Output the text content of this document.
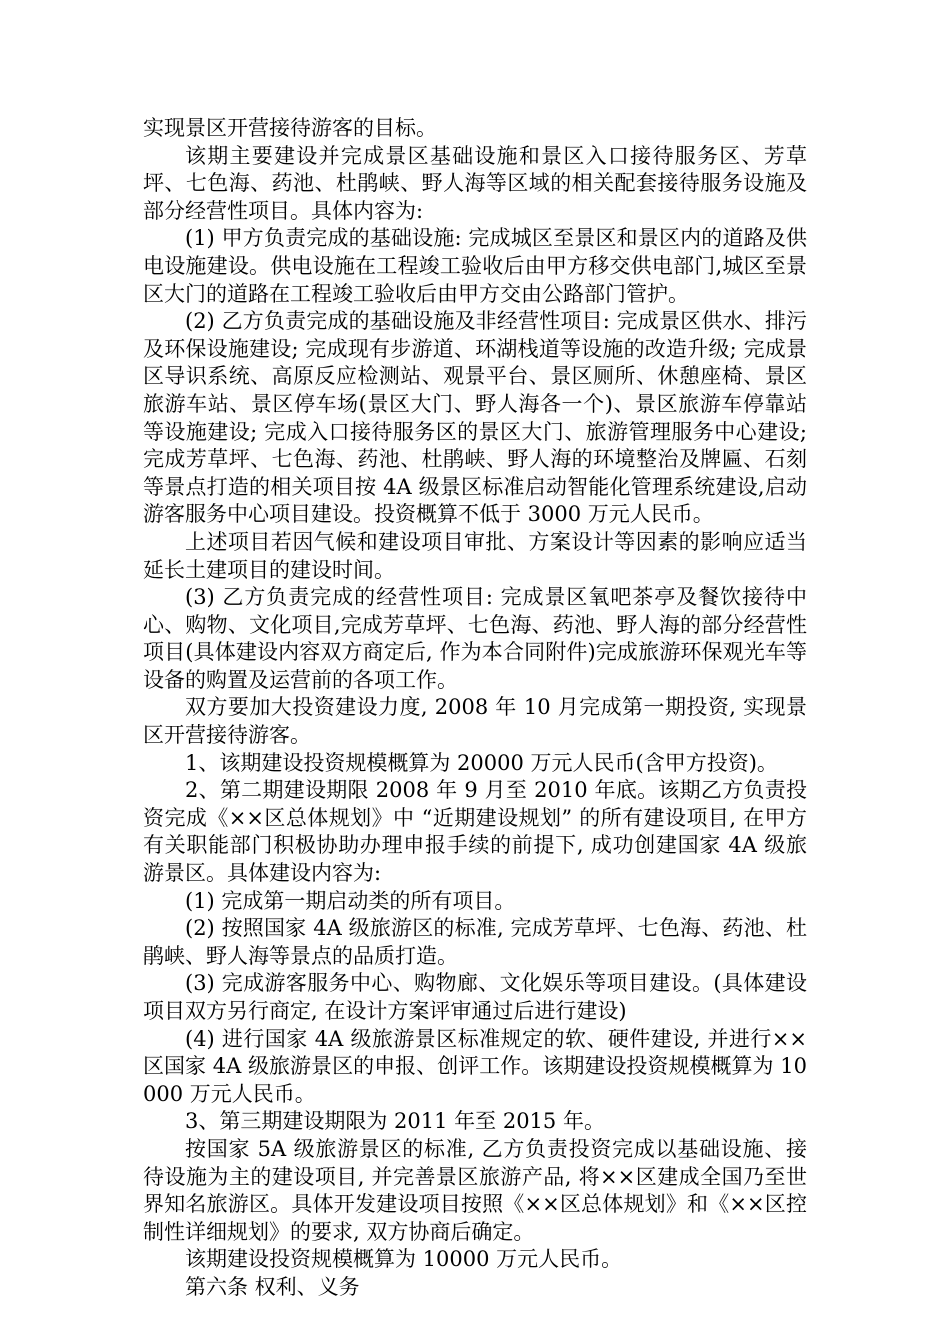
实现景区开营接待游客的目标。

该期主要建设并完成景区基础设施和景区入口接待服务区、芳草坪、七色海、药池、杜鹃峡、野人海等区域的相关配套接待服务设施及部分经营性项目。具体内容为:

(1) 甲方负责完成的基础设施: 完成城区至景区和景区内的道路及供电设施建设。供电设施在工程竣工验收后由甲方移交供电部门,城区至景区大门的道路在工程竣工验收后由甲方交由公路部门管护。

(2) 乙方负责完成的基础设施及非经营性项目: 完成景区供水、排污及环保设施建设; 完成现有步游道、环湖栈道等设施的改造升级; 完成景区导识系统、高原反应检测站、观景平台、景区厕所、休憩座椅、景区旅游车站、景区停车场(景区大门、野人海各一个)、景区旅游车停靠站等设施建设; 完成入口接待服务区的景区大门、旅游管理服务中心建设; 完成芳草坪、七色海、药池、杜鹃峡、野人海的环境整治及牌匾、石刻等景点打造的相关项目按 4A 级景区标准启动智能化管理系统建设,启动游客服务中心项目建设。投资概算不低于 3000 万元人民币。

上述项目若因气候和建设项目审批、方案设计等因素的影响应适当延长土建项目的建设时间。

(3) 乙方负责完成的经营性项目: 完成景区氧吧茶亭及餐饮接待中心、购物、文化项目,完成芳草坪、七色海、药池、野人海的部分经营性项目(具体建设内容双方商定后, 作为本合同附件)完成旅游环保观光车等设备的购置及运营前的各项工作。

双方要加大投资建设力度, 2008 年 10 月完成第一期投资, 实现景区开营接待游客。

1、该期建设投资规模概算为 20000 万元人民币(含甲方投资)。

2、第二期建设期限 2008 年 9 月至 2010 年底。该期乙方负责投资完成《××区总体规划》中 “近期建设规划” 的所有建设项目, 在甲方有关职能部门积极协助办理申报手续的前提下, 成功创建国家 4A 级旅游景区。具体建设内容为:

(1) 完成第一期启动类的所有项目。

(2) 按照国家 4A 级旅游区的标准, 完成芳草坪、七色海、药池、杜鹃峡、野人海等景点的品质打造。

(3) 完成游客服务中心、购物廊、文化娱乐等项目建设。(具体建设项目双方另行商定, 在设计方案评审通过后进行建设)

(4) 进行国家 4A 级旅游景区标准规定的软、硬件建设, 并进行××区国家 4A 级旅游景区的申报、创评工作。该期建设投资规模概算为 10000 万元人民币。

3、第三期建设期限为 2011 年至 2015 年。

按国家 5A 级旅游景区的标准, 乙方负责投资完成以基础设施、接待设施为主的建设项目, 并完善景区旅游产品, 将××区建成全国乃至世界知名旅游区。具体开发建设项目按照《××区总体规划》和《××区控制性详细规划》的要求, 双方协商后确定。

该期建设投资规模概算为 10000 万元人民币。

第六条 权利、义务
